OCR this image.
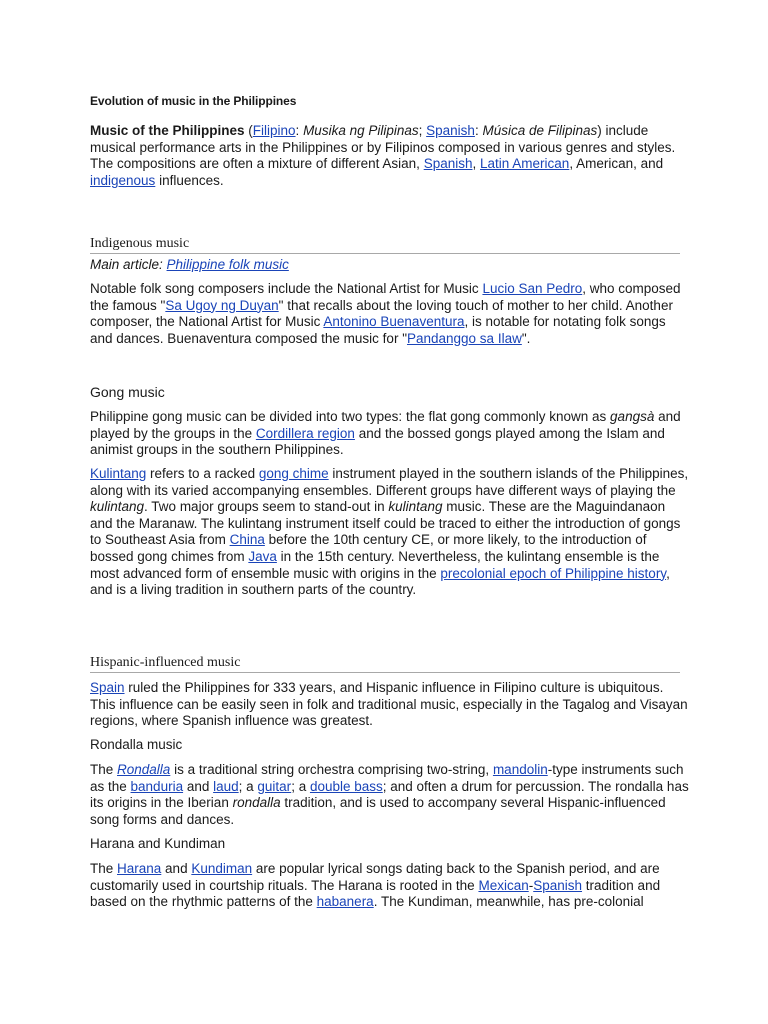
Evolution of music in the Philippines

Music of the Philippines (Filipino: Musika ng Pilipinas; Spanish: Música de Filipinas) include musical performance arts in the Philippines or by Filipinos composed in various genres and styles. The compositions are often a mixture of different Asian, Spanish, Latin American, American, and indigenous influences.

Indigenous music

Main article: Philippine folk music

Notable folk song composers include the National Artist for Music Lucio San Pedro, who composed the famous "Sa Ugoy ng Duyan" that recalls about the loving touch of mother to her child. Another composer, the National Artist for Music Antonino Buenaventura, is notable for notating folk songs and dances. Buenaventura composed the music for "Pandanggo sa Ilaw".

Gong music

Philippine gong music can be divided into two types: the flat gong commonly known as gangsà and played by the groups in the Cordillera region and the bossed gongs played among the Islam and animist groups in the southern Philippines.

Kulintang refers to a racked gong chime instrument played in the southern islands of the Philippines, along with its varied accompanying ensembles. Different groups have different ways of playing the kulintang. Two major groups seem to stand-out in kulintang music. These are the Maguindanaon and the Maranaw. The kulintang instrument itself could be traced to either the introduction of gongs to Southeast Asia from China before the 10th century CE, or more likely, to the introduction of bossed gong chimes from Java in the 15th century. Nevertheless, the kulintang ensemble is the most advanced form of ensemble music with origins in the precolonial epoch of Philippine history, and is a living tradition in southern parts of the country.

Hispanic-influenced music

Spain ruled the Philippines for 333 years, and Hispanic influence in Filipino culture is ubiquitous. This influence can be easily seen in folk and traditional music, especially in the Tagalog and Visayan regions, where Spanish influence was greatest.

Rondalla music

The Rondalla is a traditional string orchestra comprising two-string, mandolin-type instruments such as the banduria and laud; a guitar; a double bass; and often a drum for percussion. The rondalla has its origins in the Iberian rondalla tradition, and is used to accompany several Hispanic-influenced song forms and dances.

Harana and Kundiman

The Harana and Kundiman are popular lyrical songs dating back to the Spanish period, and are customarily used in courtship rituals. The Harana is rooted in the Mexican-Spanish tradition and based on the rhythmic patterns of the habanera. The Kundiman, meanwhile, has pre-colonial
